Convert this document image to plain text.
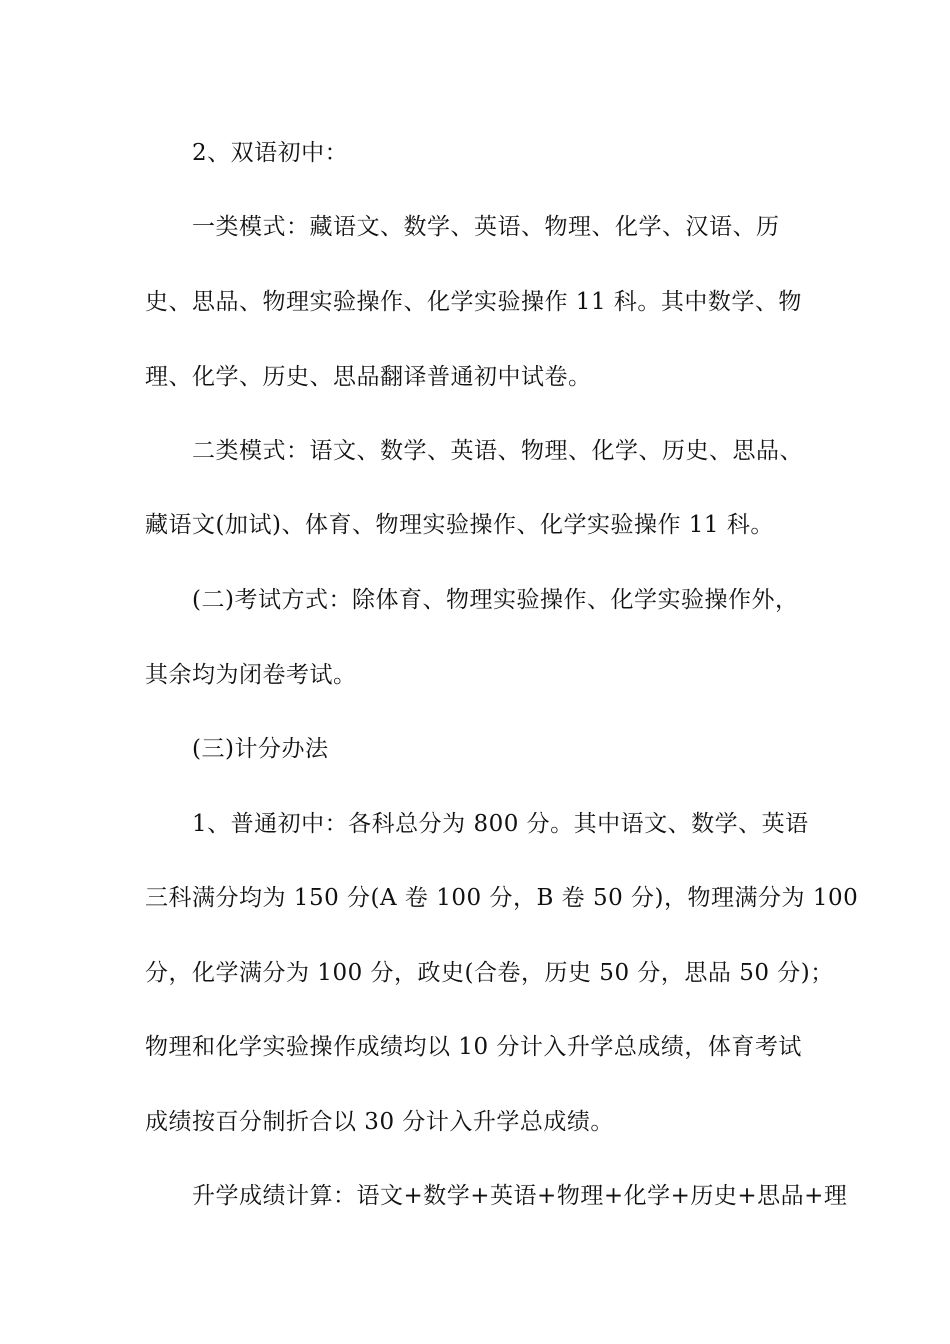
2、双语初中：
一类模式：藏语文、数学、英语、物理、化学、汉语、历
史、思品、物理实验操作、化学实验操作 11 科。其中数学、物
理、化学、历史、思品翻译普通初中试卷。
二类模式：语文、数学、英语、物理、化学、历史、思品、
藏语文(加试)、体育、物理实验操作、化学实验操作 11 科。
(二)考试方式：除体育、物理实验操作、化学实验操作外，
其余均为闭卷考试。
(三)计分办法
1、普通初中：各科总分为 800 分。其中语文、数学、英语
三科满分均为 150 分(A 卷 100 分，B 卷 50 分)，物理满分为 100
分，化学满分为 100 分，政史(合卷，历史 50 分，思品 50 分)；
物理和化学实验操作成绩均以 10 分计入升学总成绩，体育考试
成绩按百分制折合以 30 分计入升学总成绩。
升学成绩计算：语文+数学+英语+物理+化学+历史+思品+理
